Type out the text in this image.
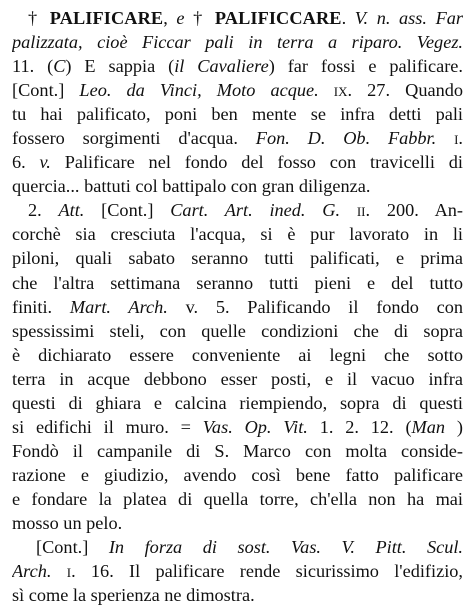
† PALIFICARE, e † PALIFICCARE. V. n. ass. Far
palizzata, cioè Ficcar pali in terra a riparo. Vegez.
11. (C) E sappia (il Cavaliere) far fossi e palificare.
[Cont.] Leo. da Vinci, Moto acque. ix. 27. Quando
tu hai palificato, poni ben mente se infra detti pali
fossero sorgimenti d'acqua. Fon. D. Ob. Fabbr. i.
6. v. Palificare nel fondo del fosso con travicelli di
quercia... battuti col battipalo con gran diligenza.
2. Att. [Cont.] Cart. Art. ined. G. ii. 200. An-
corchè sia cresciuta l'acqua, si è pur lavorato in li
piloni, quali sabato seranno tutti palificati, e prima
che l'altra settimana seranno tutti pieni e del tutto
finiti. Mart. Arch. v. 5. Palificando il fondo con
spessissimi steli, con quelle condizioni che di sopra
è dichiarato essere conveniente ai legni che sotto
terra in acque debbono esser posti, e il vacuo infra
questi di ghiara e calcina riempiendo, sopra di questi
si edifichi il muro. = Vas. Op. Vit. 1. 2. 12. (Man )
Fondò il campanile di S. Marco con molta conside-
razione e giudizio, avendo così bene fatto palificare
e fondare la platea di quella torre, ch'ella non ha mai
mosso un pelo.
[Cont.] In forza di sost. Vas. V. Pitt. Scul.
Arch. i. 16. Il palificare rende sicurissimo l'edifizio,
sì come la sperienza ne dimostra.
